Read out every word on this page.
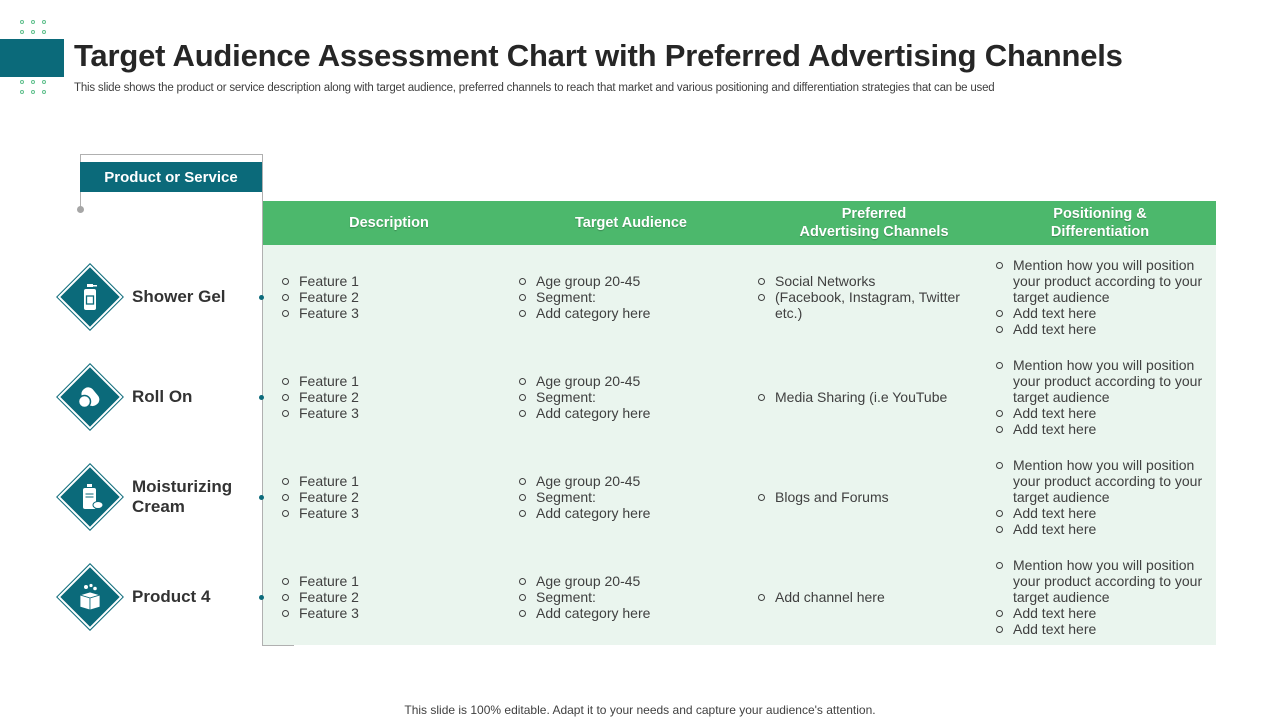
Target Audience Assessment Chart with Preferred Advertising Channels
This slide shows the product or service description along with target audience, preferred channels to reach that market and various positioning and differentiation strategies that can be used
Product or Service
Description	Target Audience
Preferred
Advertising Channels
Positioning &
Differentiation
Shower Gel
Feature 1
Feature 2
Feature 3
Age group 20-45
Segment:
Add category here
Social Networks
(Facebook, Instagram, Twitter etc.)
Mention how you will position your product according to your target audience
Add text here
Add text here
Roll On
Feature 1
Feature 2
Feature 3
Age group 20-45
Segment:
Add category here
Media Sharing (i.e YouTube
Mention how you will position your product according to your target audience
Add text here
Add text here
Moisturizing
Cream
Feature 1
Feature 2
Feature 3
Age group 20-45
Segment:
Add category here
Blogs and Forums
Mention how you will position your product according to your target audience
Add text here
Add text here
Product 4
Feature 1
Feature 2
Feature 3
Age group 20-45
Segment:
Add category here
Add channel here
Mention how you will position your product according to your target audience
Add text here
Add text here
This slide is 100% editable. Adapt it to your needs and capture your audience's attention.
